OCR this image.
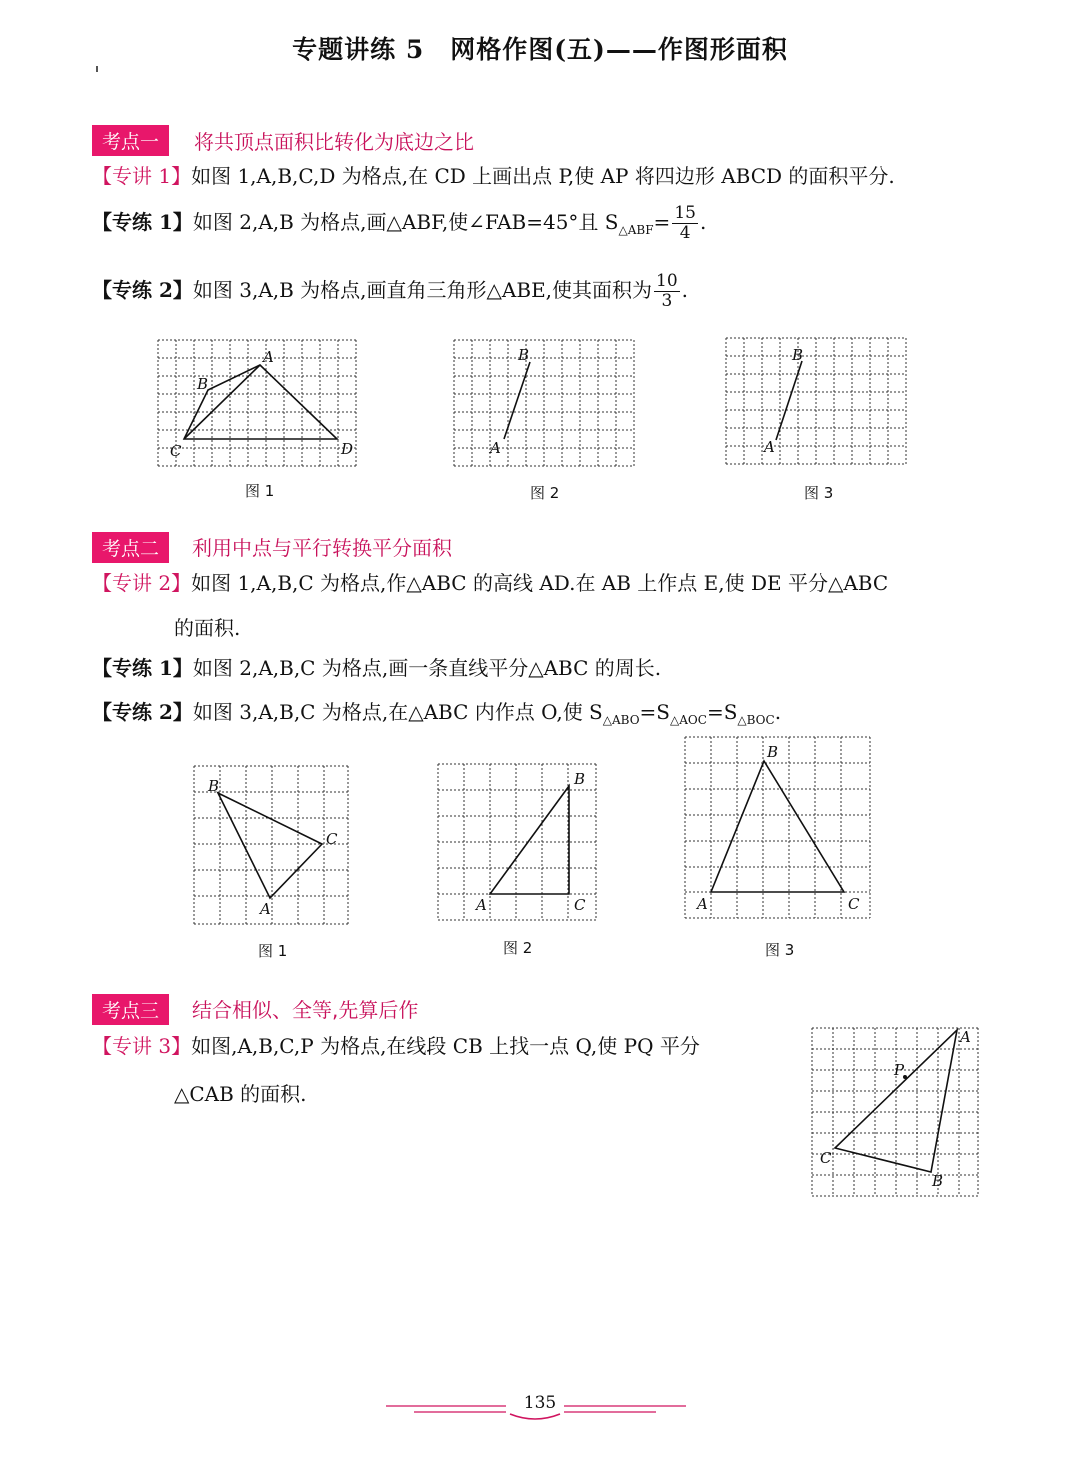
专题讲练 5　网格作图(五)——作图形面积
考点一	将共顶点面积比转化为底边之比
【专讲 1】如图 1,A,B,C,D 为格点,在 CD 上画出点 P,使 AP 将四边形 ABCD 的面积平分.
【专练 1】如图 2,A,B 为格点,画△ABF,使∠FAB=45°且 $S_{\triangle ABF}= \frac{15}{4}$ .
【专练 2】如图 3,A,B 为格点,画直角三角形△ABE,使其面积为 $\frac{10}{3}$ .
A
B
C	D
图 1
B
A
图 2
B
A
图 3
考点二	利用中点与平行转换平分面积
【专讲 2】如图 1,A,B,C 为格点,作△ABC 的高线 AD.在 AB 上作点 E,使 DE 平分△ABC
的面积.
【专练 1】如图 2,A,B,C 为格点,画一条直线平分△ABC 的周长.
【专练 2】如图 3,A,B,C 为格点,在△ABC 内作点 O,使 $S_{\triangle ABO}=S_{\triangle AOC}=S_{\triangle BOC}$.
B
C
A
图 1
B
A	C
图 2
B
A	C
图 3
考点三	结合相似、全等,先算后作
【专讲 3】如图,A,B,C,P 为格点,在线段 CB 上找一点 Q,使 PQ 平分
△CAB 的面积.
A
P
C
B
135
